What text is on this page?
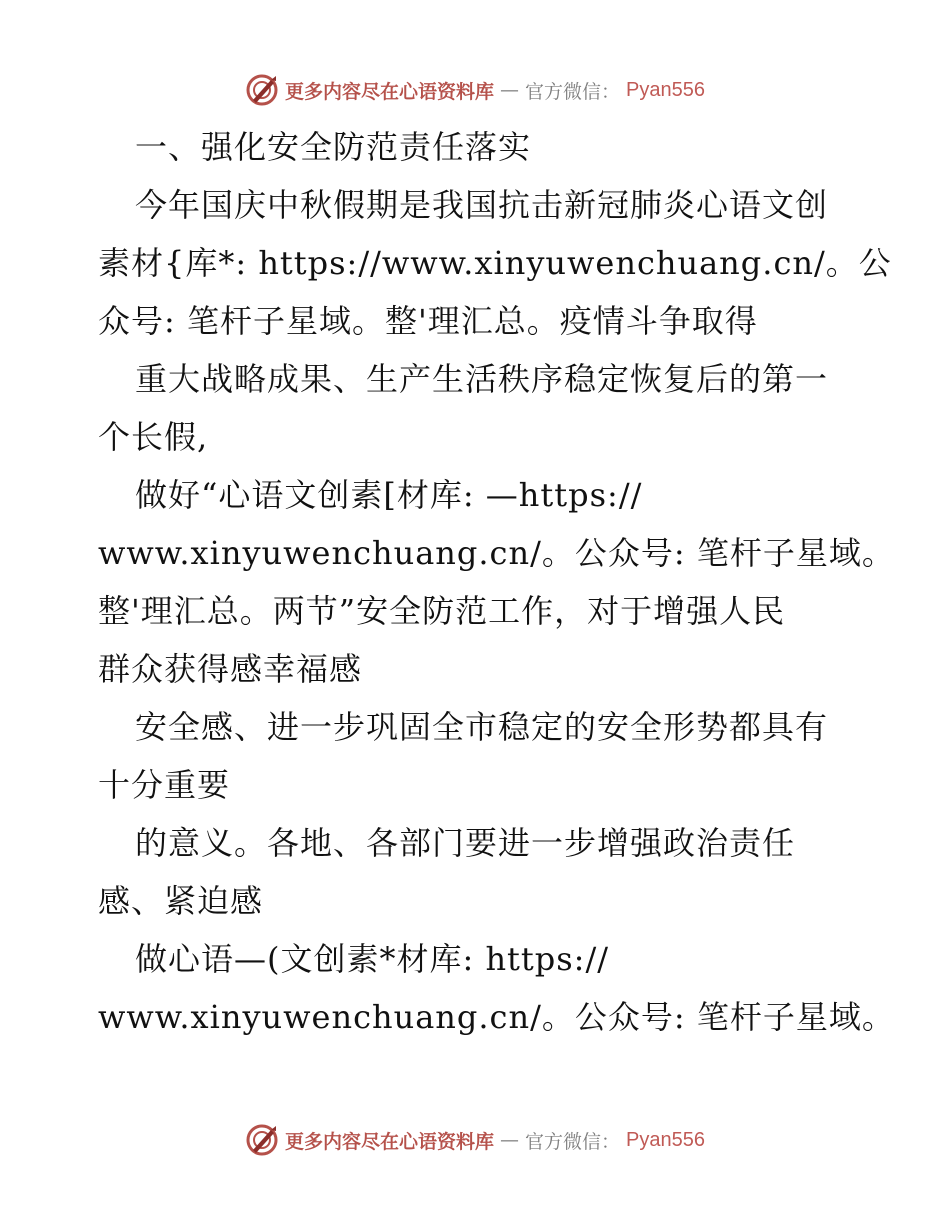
更多内容尽在心语资料库 — 官方微信： Pyan556
一、强化安全防范责任落实
今年国庆中秋假期是我国抗击新冠肺炎心语文创
素材{库*: https://www.xinyuwenchuang.cn/。公
众号: 笔杆子星域。整'理汇总。疫情斗争取得
重大战略成果、生产生活秩序稳定恢复后的第一
个长假,
做好“心语文创素[材库: —https://
www.xinyuwenchuang.cn/。公众号: 笔杆子星域。
整'理汇总。两节”安全防范工作，对于增强人民
群众获得感幸福感
安全感、进一步巩固全市稳定的安全形势都具有
十分重要
的意义。各地、各部门要进一步增强政治责任
感、紧迫感
做心语—(文创素*材库: https://
www.xinyuwenchuang.cn/。公众号: 笔杆子星域。
更多内容尽在心语资料库 — 官方微信： Pyan556
